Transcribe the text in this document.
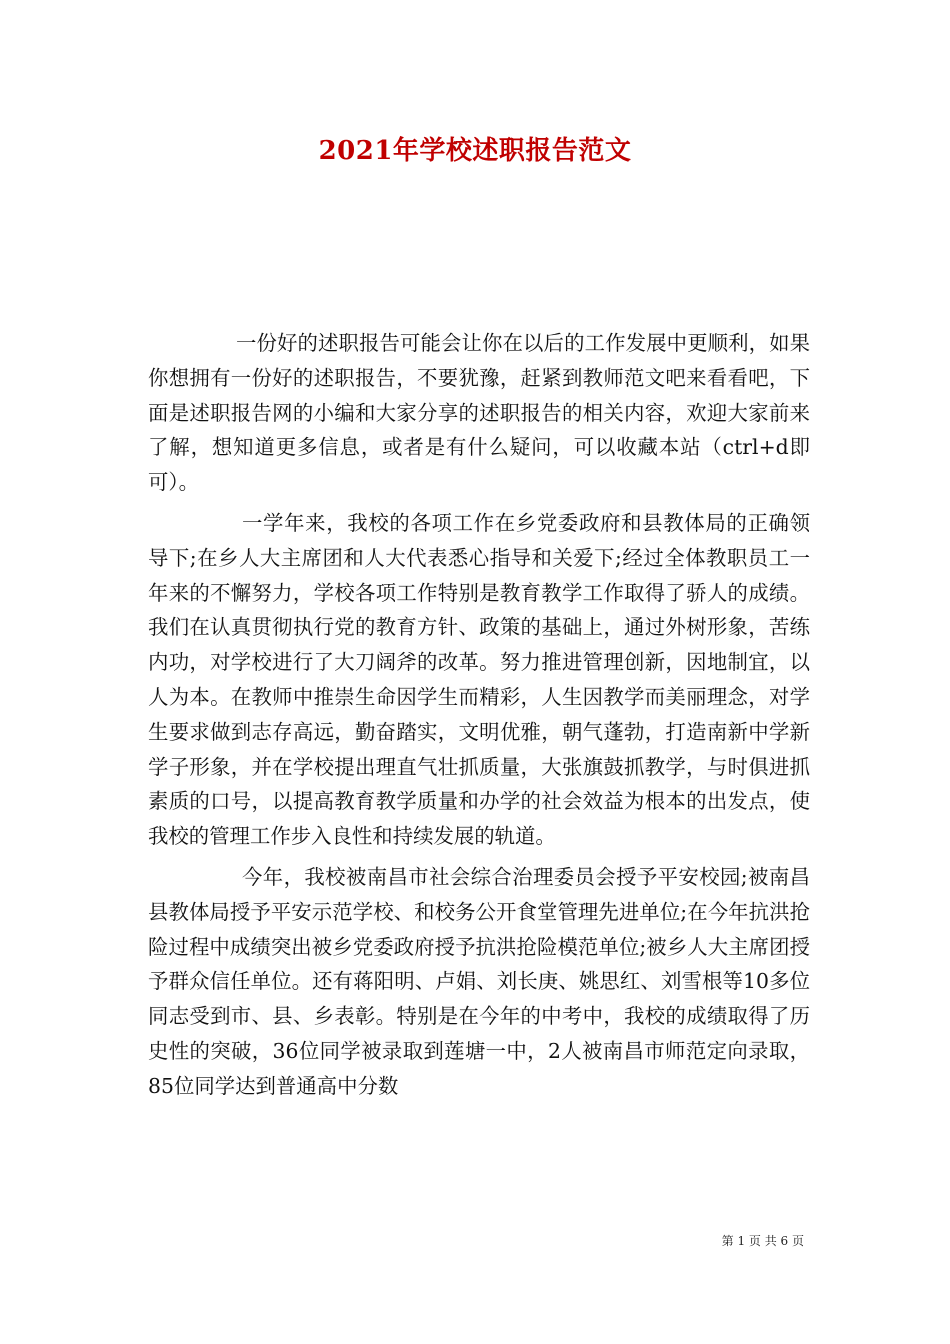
2021年学校述职报告范文

一份好的述职报告可能会让你在以后的工作发展中更顺利，如果你想拥有一份好的述职报告，不要犹豫，赶紧到教师范文吧来看看吧，下面是述职报告网的小编和大家分享的述职报告的相关内容，欢迎大家前来了解，想知道更多信息，或者是有什么疑问，可以收藏本站（ctrl+d即可）。

一学年来，我校的各项工作在乡党委政府和县教体局的正确领导下;在乡人大主席团和人大代表悉心指导和关爱下;经过全体教职员工一年来的不懈努力，学校各项工作特别是教育教学工作取得了骄人的成绩。我们在认真贯彻执行党的教育方针、政策的基础上，通过外树形象，苦练内功，对学校进行了大刀阔斧的改革。努力推进管理创新，因地制宜，以人为本。在教师中推崇生命因学生而精彩，人生因教学而美丽理念，对学生要求做到志存高远，勤奋踏实，文明优雅，朝气蓬勃，打造南新中学新学子形象，并在学校提出理直气壮抓质量，大张旗鼓抓教学，与时俱进抓素质的口号，以提高教育教学质量和办学的社会效益为根本的出发点，使我校的管理工作步入良性和持续发展的轨道。

今年，我校被南昌市社会综合治理委员会授予平安校园;被南昌县教体局授予平安示范学校、和校务公开食堂管理先进单位;在今年抗洪抢险过程中成绩突出被乡党委政府授予抗洪抢险模范单位;被乡人大主席团授予群众信任单位。还有蒋阳明、卢娟、刘长庚、姚思红、刘雪根等10多位同志受到市、县、乡表彰。特别是在今年的中考中，我校的成绩取得了历史性的突破，36位同学被录取到莲塘一中，2人被南昌市师范定向录取，85位同学达到普通高中分数

第 1 页 共 6 页
